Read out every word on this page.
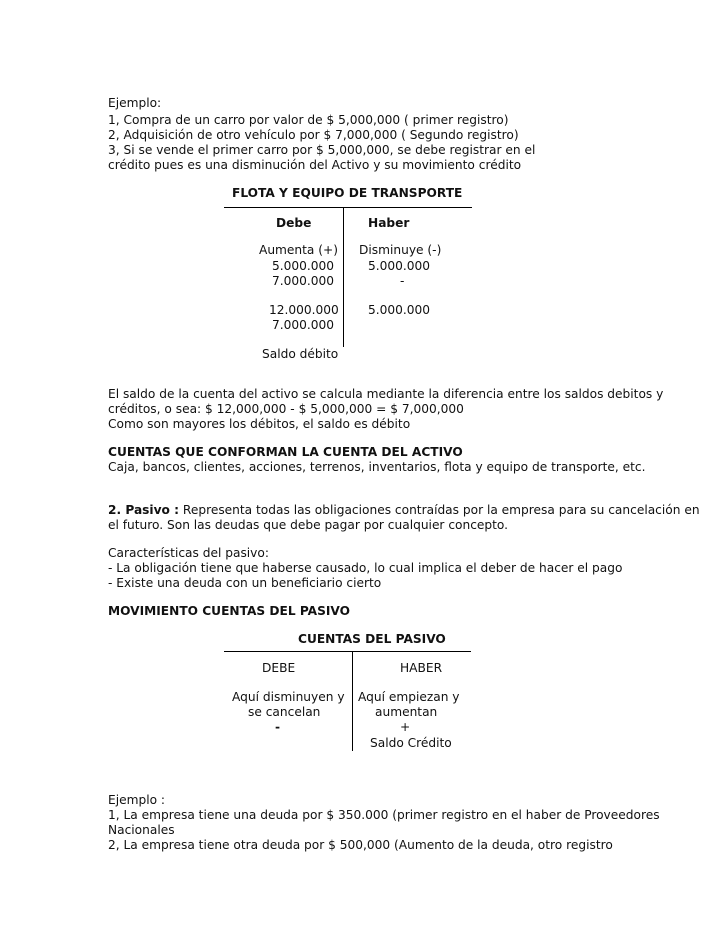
Ejemplo:
1, Compra de un carro por valor de $ 5,000,000 ( primer registro)
2, Adquisición de otro vehículo por $ 7,000,000 ( Segundo registro)
3, Si se vende el primer carro por $ 5,000,000, se debe registrar en el
crédito pues es una disminución del Activo y su movimiento crédito
FLOTA Y EQUIPO DE TRANSPORTE
Debe	Haber
Aumenta (+) Disminuye (-)
5.000.000	5.000.000
7.000.000	-
12.000.000 5.000.000
7.000.000
Saldo débito
El saldo de la cuenta del activo se calcula mediante la diferencia entre los saldos debitos y
créditos, o sea: $ 12,000,000 - $ 5,000,000 = $ 7,000,000
Como son mayores los débitos, el saldo es débito
CUENTAS QUE CONFORMAN LA CUENTA DEL ACTIVO
Caja, bancos, clientes, acciones, terrenos, inventarios, flota y equipo de transporte, etc.
2. Pasivo : Representa todas las obligaciones contraídas por la empresa para su cancelación en
el futuro. Son las deudas que debe pagar por cualquier concepto.
Características del pasivo:
- La obligación tiene que haberse causado, lo cual implica el deber de hacer el pago
- Existe una deuda con un beneficiario cierto
MOVIMIENTO CUENTAS DEL PASIVO
CUENTAS DEL PASIVO
DEBE	HABER
Aquí disminuyen y Aquí empiezan y
se cancelan	aumentan
-	+
Saldo Crédito
Ejemplo :
1, La empresa tiene una deuda por $ 350.000 (primer registro en el haber de Proveedores
Nacionales
2, La empresa tiene otra deuda por $ 500,000 (Aumento de la deuda, otro registro
